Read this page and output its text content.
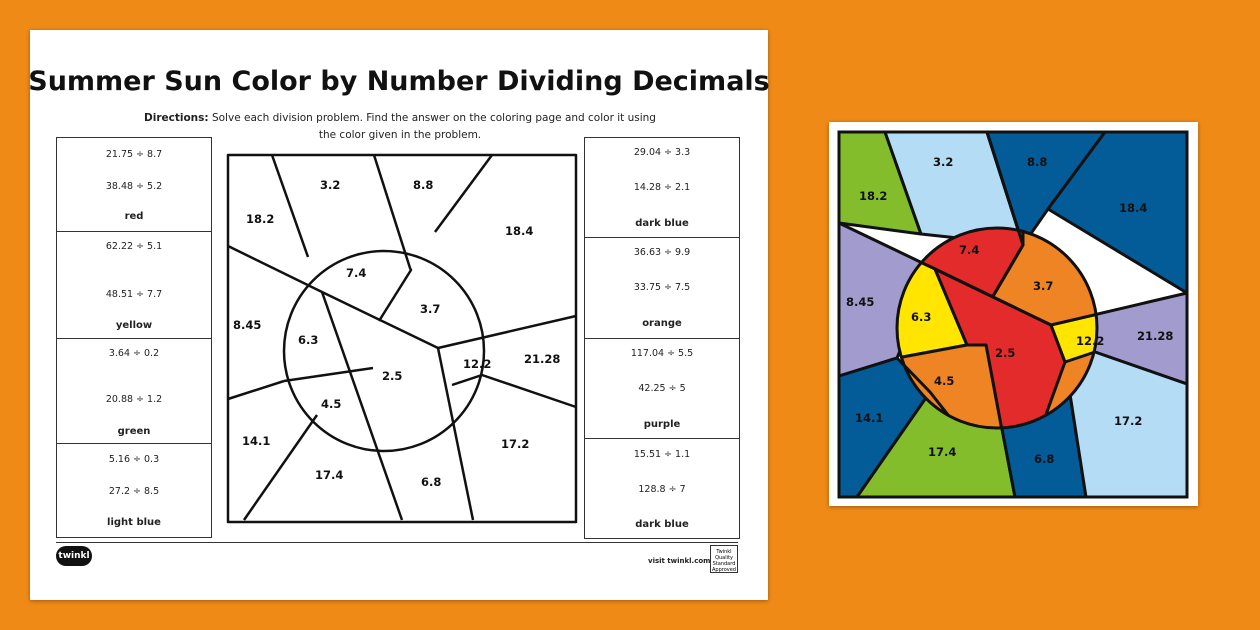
Summer Sun Color by Number Dividing Decimals
Directions: Solve each division problem. Find the answer on the coloring page and color it using the color given in the problem.
21.75 ÷ 8.7
38.48 ÷ 5.2
red
62.22 ÷ 5.1
48.51 ÷ 7.7
yellow
3.64 ÷ 0.2
20.88 ÷ 1.2
green
5.16 ÷ 0.3
27.2 ÷ 8.5
light blue
29.04 ÷ 3.3
14.28 ÷ 2.1
dark blue
36.63 ÷ 9.9
33.75 ÷ 7.5
orange
117.04 ÷ 5.5
42.25 ÷ 5
purple
15.51 ÷ 1.1
128.8 ÷ 7
dark blue
18.2
3.2	8.8
18.4
7.4
3.7
8.45
6.3
2.5
12.2	21.28
4.5
14.1
17.4	6.8
17.2
twinkl	visit twinkl.com
Twinkl Quality Standard Approved
18.2
3.2	8.8
18.4
7.4
3.7
8.45
6.3
2.5
12.2	21.28
4.5
14.1
17.4	6.8
17.2
